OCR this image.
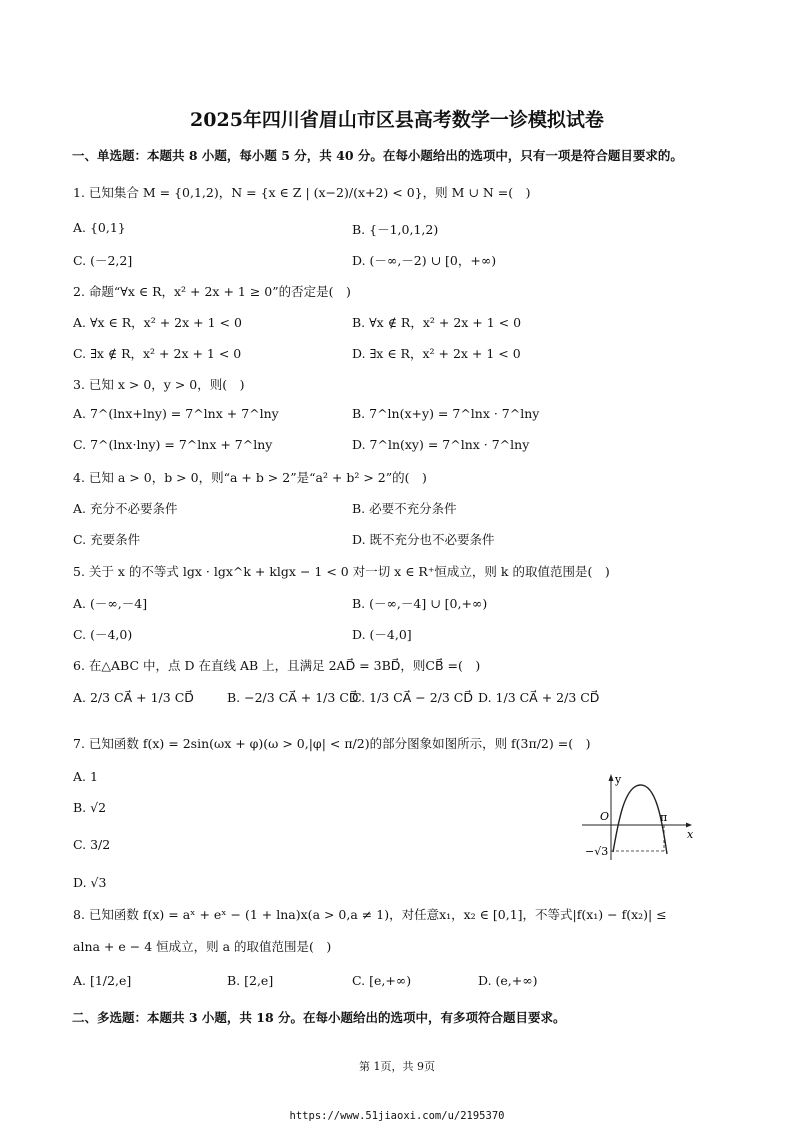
2025年四川省眉山市区县高考数学一诊模拟试卷
一、单选题：本题共 8 小题，每小题 5 分，共 40 分。在每小题给出的选项中，只有一项是符合题目要求的。
1. 已知集合 M = {0,1,2)，N = {x ∈ Z | (x−2)/(x+2) < 0}，则 M ∪ N =(　)
A. {0,1}	B. {－1,0,1,2)
C. (－2,2]	D. (－∞,－2) ∪ [0，+∞)
2. 命题“∀x ∈ R，x² + 2x + 1 ≥ 0”的否定是(　)
A. ∀x ∈ R，x² + 2x + 1 < 0	B. ∀x ∉ R，x² + 2x + 1 < 0
C. ∃x ∉ R，x² + 2x + 1 < 0	D. ∃x ∈ R，x² + 2x + 1 < 0
3. 已知 x > 0，y > 0，则(　)
A. 7^(lnx+lny) = 7^lnx + 7^lny	B. 7^ln(x+y) = 7^lnx · 7^lny
C. 7^(lnx·lny) = 7^lnx + 7^lny	D. 7^ln(xy) = 7^lnx · 7^lny
4. 已知 a > 0，b > 0，则“a + b > 2”是“a² + b² > 2”的(　)
A. 充分不必要条件	B. 必要不充分条件
C. 充要条件	D. 既不充分也不必要条件
5. 关于 x 的不等式 lgx · lgx^k + klgx − 1 < 0 对一切 x ∈ R⁺恒成立，则 k 的取值范围是(　)
A. (－∞,－4]	B. (－∞,－4] ∪ [0,+∞)
C. (－4,0)	D. (－4,0]
6. 在△ABC 中，点 D 在直线 AB 上，且满足 2AD⃗ = 3BD⃗，则CB⃗ =(　)
A. 2/3 CA⃗ + 1/3 CD⃗	B. −2/3 CA⃗ + 1/3 CD⃗
C. 1/3 CA⃗ − 2/3 CD⃗ D. 1/3 CA⃗ + 2/3 CD⃗
7. 已知函数 f(x) = 2sin(ωx + φ)(ω > 0,|φ| < π/2)的部分图象如图所示，则 f(3π/2) =(　)
A. 1
B. √2
C. 3/2
D. √3
y
x
O	π
−√3
8. 已知函数 f(x) = aˣ + eˣ − (1 + lna)x(a > 0,a ≠ 1)，对任意x₁，x₂ ∈ [0,1]，不等式|f(x₁) − f(x₂)| ≤
alna + e − 4 恒成立，则 a 的取值范围是(　)
A. [1/2,e]	B. [2,e]	C. [e,+∞)	D. (e,+∞)
二、多选题：本题共 3 小题，共 18 分。在每小题给出的选项中，有多项符合题目要求。
第 1页，共 9页
https://www.51jiaoxi.com/u/2195370
